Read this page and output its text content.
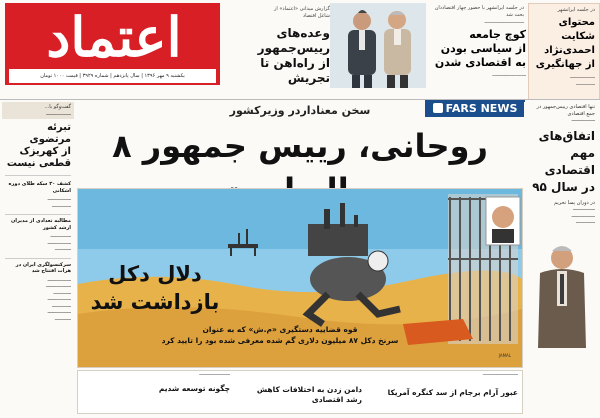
در جلسه ایرانشهر
محتوای
شکایت
احمدی‌نژاد
از جهانگیری
ـــــــــــــــــ
ـــــــــــــ
در جلسه ایرانشهر با حضور چهار اقتصاددان بحث شد
ـــــــــــــــــــــــــــ
کوچ جامعه
از سیاسی بودن
به اقتصادی شدن
ـــــــــــــــــــــــ
گزارش میدانی «اعتماد» از
شاغل اقتصاد
وعده‌های
رییس‌جمهور
از راه‌اهن تا تجریش
اعتماد
یکشنبه ۹ مهر ۱۳۹۶ | سال پانزدهم | شماره ۳۹۲۹ | قیمت ۱۰۰۰ تومان
گفت‌وگو با...
ـــــــــــــــــ
تبرئه مرتضوی
از کهریزک
قطعی نیست
کشف ۳۰ سکه طلای دوره اشکانی
ــــــــــــــــ
ـــــــــــــ
مطالبه تعدادی از مدیران ارشد کشور
ــــــــــــــ
ــــــــــــــــ
ـــــــــــ
سرکنسولگری ایران در هرات افتتاح شد
ــــــــــــــــ
ـــــــــــــــــ
ــــــــــــ
ــــــــــــــــ
ـــــــــــــ
ــــــــــــــــ
ـــــــــــ
سخن معناداردر وزیرکشور	FARS NEWS
روحانی، رییس جمهور ۸
دلال دکل
بازداشت شد
قوه قضاییه دستگیری «م.ش» که به عنوان
سرنخ دکل ۸۷ میلیون دلاری گم شده معرفی شده بود را تایید کرد
JAMAL
ــــــــــــــــــــــــ
عبور آرام برجام از سد کنگره آمریکا
دامن زدن به اختلافات کاهش رشد اقتصادی
ـــــــــــــــــــــ
چگونه توسعه شدیم
تنها اقتصادی رییس‌جمهور در جمع اقتصادی
ــــــــــــــــ
اتفاق‌های
مهم
اقتصادی
در سال ۹۵
در دوران پسا تحریم
ـــــــــــــــ
ــــــــــــــــ
ـــــــــــــ
